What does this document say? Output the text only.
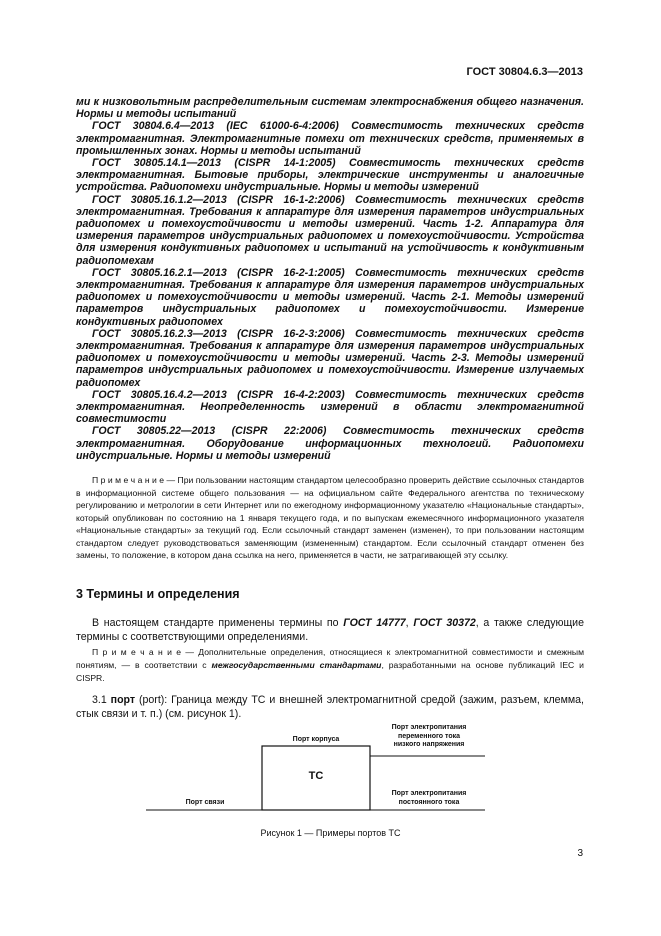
ГОСТ 30804.6.3—2013

ми к низковольтным распределительным системам электроснабжения общего назначения. Нормы и методы испытаний

ГОСТ 30804.6.4—2013 (IEC 61000-6-4:2006) Совместимость технических средств электромагнитная. Электромагнитные помехи от технических средств, применяемых в промышленных зонах. Нормы и методы испытаний

ГОСТ 30805.14.1—2013 (CISPR 14-1:2005) Совместимость технических средств электромагнитная. Бытовые приборы, электрические инструменты и аналогичные устройства. Радиопомехи индустриальные. Нормы и методы измерений

ГОСТ 30805.16.1.2—2013 (CISPR 16-1-2:2006) Совместимость технических средств электромагнитная. Требования к аппаратуре для измерения параметров индустриальных радиопомех и помехоустойчивости и методы измерений. Часть 1-2. Аппаратура для измерения параметров индустриальных радиопомех и помехоустойчивости. Устройства для измерения кондуктивных радиопомех и испытаний на устойчивость к кондуктивным радиопомехам

ГОСТ 30805.16.2.1—2013 (CISPR 16-2-1:2005) Совместимость технических средств электромагнитная. Требования к аппаратуре для измерения параметров индустриальных радиопомех и помехоустойчивости и методы измерений. Часть 2-1. Методы измерений параметров индустриальных радиопомех и помехоустойчивости. Измерение кондуктивных радиопомех

ГОСТ 30805.16.2.3—2013 (CISPR 16-2-3:2006) Совместимость технических средств электромагнитная. Требования к аппаратуре для измерения параметров индустриальных радиопомех и помехоустойчивости и методы измерений. Часть 2-3. Методы измерений параметров индустриальных радиопомех и помехоустойчивости. Измерение излучаемых радиопомех

ГОСТ 30805.16.4.2—2013 (CISPR 16-4-2:2003) Совместимость технических средств электромагнитная. Неопределенность измерений в области электромагнитной совместимости

ГОСТ 30805.22—2013 (CISPR 22:2006) Совместимость технических средств электромагнитная. Оборудование информационных технологий. Радиопомехи индустриальные. Нормы и методы измерений

П р и м е ч а н и е — При пользовании настоящим стандартом целесообразно проверить действие ссылочных стандартов в информационной системе общего пользования — на официальном сайте Федерального агентства по техническому регулированию и метрологии в сети Интернет или по ежегодному информационному указателю «Национальные стандарты», который опубликован по состоянию на 1 января текущего года, и по выпускам ежемесячного информационного указателя «Национальные стандарты» за текущий год. Если ссылочный стандарт заменен (изменен), то при пользовании настоящим стандартом следует руководствоваться заменяющим (измененным) стандартом. Если ссылочный стандарт отменен без замены, то положение, в котором дана ссылка на него, применяется в части, не затрагивающей эту ссылку.
3 Термины и определения
В настоящем стандарте применены термины по ГОСТ 14777, ГОСТ 30372, а также следующие термины с соответствующими определениями.
П р и м е ч а н и е — Дополнительные определения, относящиеся к электромагнитной совместимости и смежным понятиям, — в соответствии с межгосударственными стандартами, разработанными на основе публикаций IEC и CISPR.
3.1 порт (port): Граница между ТС и внешней электромагнитной средой (зажим, разъем, клемма, стык связи и т. п.) (см. рисунок 1).
ТС
Порт корпуса
Порт электропитания
переменного тока
низкого напряжения
Порт электропитания
постоянного тока
Порт связи
Рисунок 1 — Примеры портов ТС
3
